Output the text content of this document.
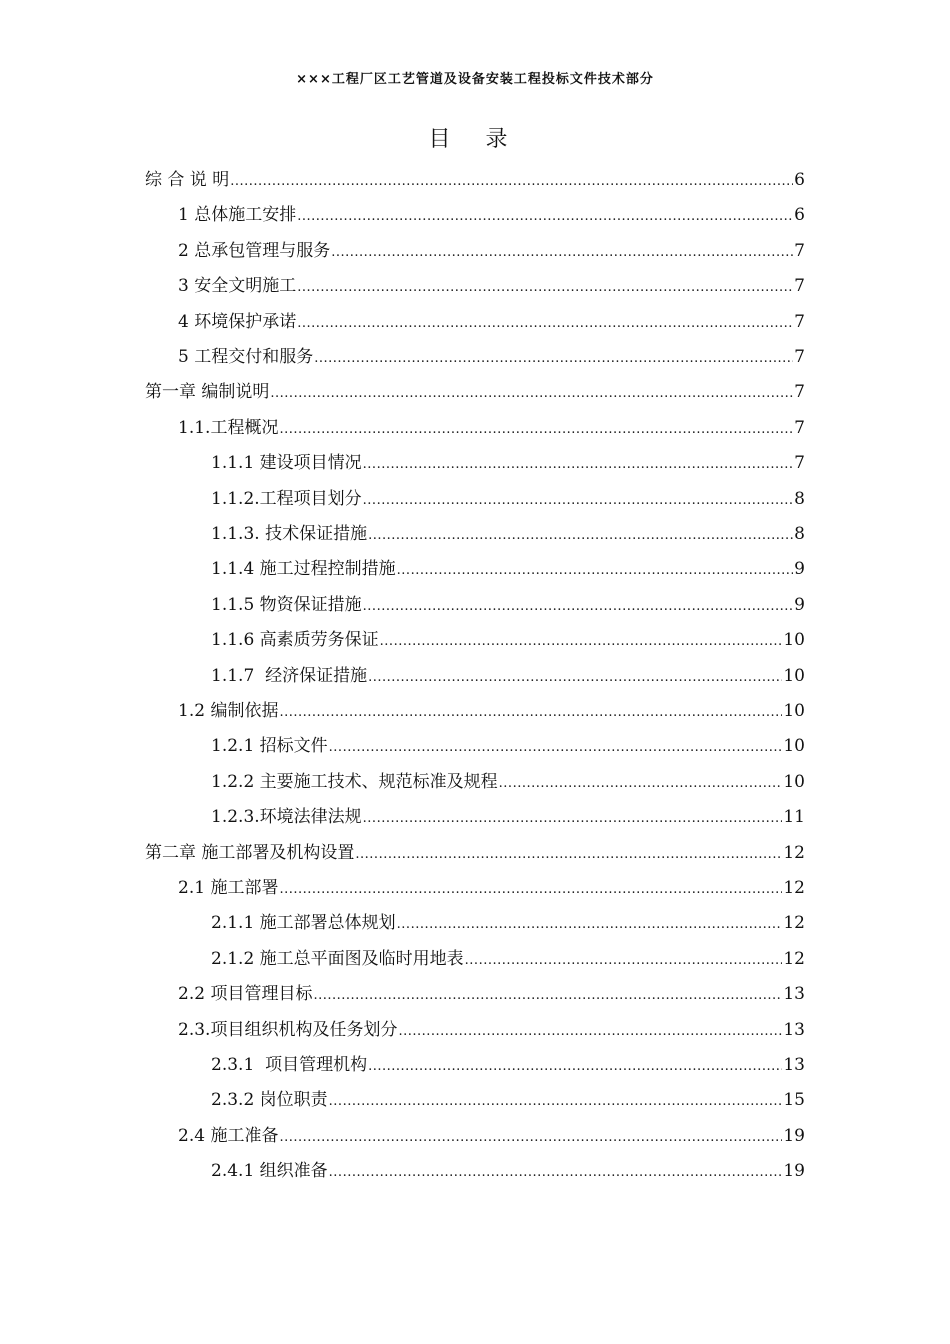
×××工程厂区工艺管道及设备安装工程投标文件技术部分
目 录
综 合 说 明 .....	6
1 总体施工安排 .....	6
2 总承包管理与服务 .....	7
3 安全文明施工 .....	7
4 环境保护承诺 .....	7
5 工程交付和服务 .....	7
第一章 编制说明 .....	7
1.1.工程概况 .....	7
1.1.1 建设项目情况 .....	7
1.1.2.工程项目划分 .....	8
1.1.3. 技术保证措施 .....	8
1.1.4 施工过程控制措施 .....	9
1.1.5 物资保证措施 .....	9
1.1.6 高素质劳务保证 .....	10
1.1.7  经济保证措施 .....	10
1.2 编制依据 .....	10
1.2.1 招标文件 .....	10
1.2.2 主要施工技术、规范标准及规程 .....	10
1.2.3.环境法律法规 .....	11
第二章 施工部署及机构设置 .....	12
2.1 施工部署 .....	12
2.1.1 施工部署总体规划 .....	12
2.1.2 施工总平面图及临时用地表 .....	12
2.2 项目管理目标 .....	13
2.3.项目组织机构及任务划分 .....	13
2.3.1  项目管理机构 .....	13
2.3.2 岗位职责 .....	15
2.4 施工准备 .....	19
2.4.1 组织准备 .....	19
